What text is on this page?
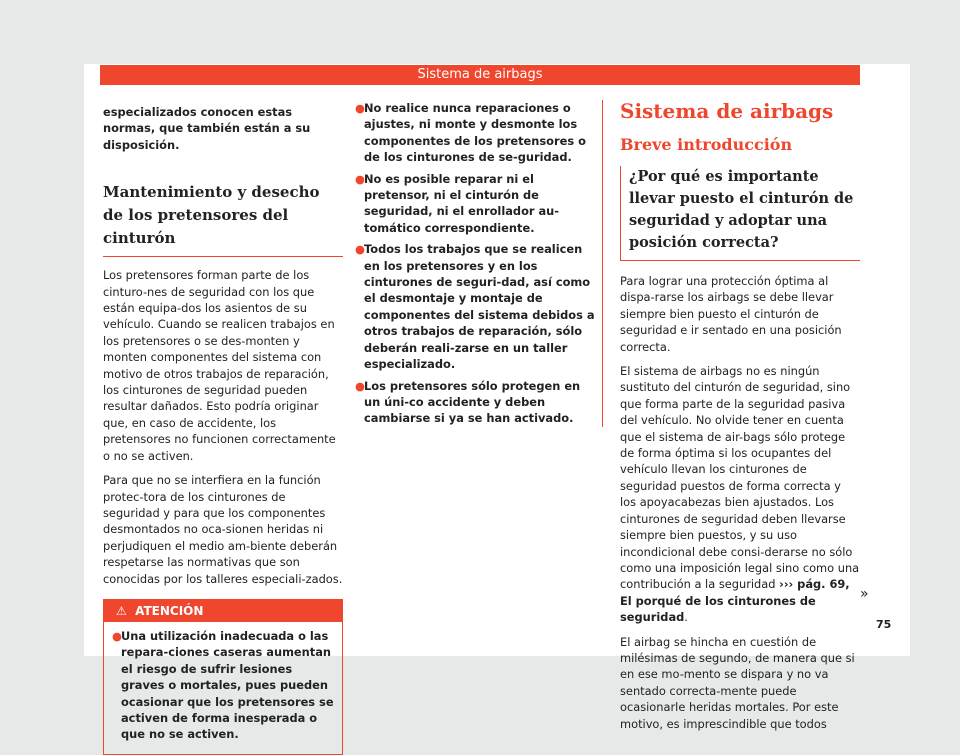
Sistema de airbags

especializados conocen estas normas, que también están a su disposición.

Mantenimiento y desecho de los pretensores del cinturón

Los pretensores forman parte de los cinturo-nes de seguridad con los que están equipa-dos los asientos de su vehículo. Cuando se realicen trabajos en los pretensores o se des-monten y monten componentes del sistema con motivo de otros trabajos de reparación, los cinturones de seguridad pueden resultar dañados. Esto podría originar que, en caso de accidente, los pretensores no funcionen correctamente o no se activen.

Para que no se interfiera en la función protec-tora de los cinturones de seguridad y para que los componentes desmontados no oca-sionen heridas ni perjudiquen el medio am-biente deberán respetarse las normativas que son conocidas por los talleres especiali-zados.

⚠ ATENCIÓN
● Una utilización inadecuada o las repara-ciones caseras aumentan el riesgo de sufrir lesiones graves o mortales, pues pueden ocasionar que los pretensores se activen de forma inesperada o que no se activen.
● No realice nunca reparaciones o ajustes, ni monte y desmonte los componentes de los pretensores o de los cinturones de se-guridad.
● No es posible reparar ni el pretensor, ni el cinturón de seguridad, ni el enrollador au-tomático correspondiente.
● Todos los trabajos que se realicen en los pretensores y en los cinturones de seguri-dad, así como el desmontaje y montaje de componentes del sistema debidos a otros trabajos de reparación, sólo deberán reali-zarse en un taller especializado.
● Los pretensores sólo protegen en un úni-co accidente y deben cambiarse si ya se han activado.
Sistema de airbags
Breve introducción
¿Por qué es importante llevar puesto el cinturón de seguridad y adoptar una posición correcta?

Para lograr una protección óptima al dispa-rarse los airbags se debe llevar siempre bien puesto el cinturón de seguridad e ir sentado en una posición correcta.

El sistema de airbags no es ningún sustituto del cinturón de seguridad, sino que forma parte de la seguridad pasiva del vehículo. No olvide tener en cuenta que el sistema de air-bags sólo protege de forma óptima si los ocupantes del vehículo llevan los cinturones de seguridad puestos de forma correcta y los apoyacabezas bien ajustados. Los cinturones de seguridad deben llevarse siempre bien puestos, y su uso incondicional debe consi-derarse no sólo como una imposición legal sino como una contribución a la seguridad ››› pág. 69, El porqué de los cinturones de seguridad.

El airbag se hincha en cuestión de milésimas de segundo, de manera que si en ese mo-mento se dispara y no va sentado correcta-mente puede ocasionarle heridas mortales. Por este motivo, es imprescindible que todos

»
75
